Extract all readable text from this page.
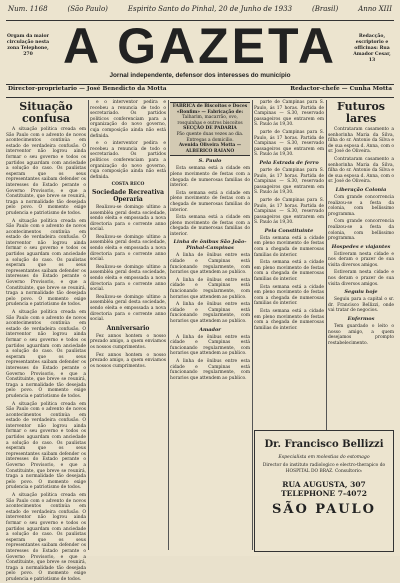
Num. 1168	(São Paulo)	Espirito Santo do Pinhal, 20 de Junho de 1933	(Brasil)	Anno XIII
Orgam da maior circulação nesta zona Telephone, 270
Redacção, escriptorio e officinas: Rua Amador Cesar, 13
A GAZETA
Jornal independente, defensor dos interesses do município
Director-proprietario — José Benedicto da Motta	Redactor-chefe — Cunha Motta
Situação confusa

A situação politica creada em São Paulo com o advento de novos acontecimentos continúa em estado de verdadeira confusão. O interventor não logrou ainda formar o seu governo e todos os partidos aguardam com anciedade a solução do caso. Os paulistas esperam que os seus representantes saibam defender os interesses do Estado perante o Governo Provisorio, e que a Constituinte, que breve se reunirá, traga a normalidade tão desejada pelo povo. O momento exige prudencia e patriotismo de todos.

A situação politica creada em São Paulo com o advento de novos acontecimentos continúa em estado de verdadeira confusão. O interventor não logrou ainda formar o seu governo e todos os partidos aguardam com anciedade a solução do caso. Os paulistas esperam que os seus representantes saibam defender os interesses do Estado perante o Governo Provisorio, e que a Constituinte, que breve se reunirá, traga a normalidade tão desejada pelo povo. O momento exige prudencia e patriotismo de todos.

A situação politica creada em São Paulo com o advento de novos acontecimentos continúa em estado de verdadeira confusão. O interventor não logrou ainda formar o seu governo e todos os partidos aguardam com anciedade a solução do caso. Os paulistas esperam que os seus representantes saibam defender os interesses do Estado perante o Governo Provisorio, e que a Constituinte, que breve se reunirá, traga a normalidade tão desejada pelo povo. O momento exige prudencia e patriotismo de todos.

A situação politica creada em São Paulo com o advento de novos acontecimentos continúa em estado de verdadeira confusão. O interventor não logrou ainda formar o seu governo e todos os partidos aguardam com anciedade a solução do caso. Os paulistas esperam que os seus representantes saibam defender os interesses do Estado perante o Governo Provisorio, e que a Constituinte, que breve se reunirá, traga a normalidade tão desejada pelo povo. O momento exige prudencia e patriotismo de todos.

A situação politica creada em São Paulo com o advento de novos acontecimentos continúa em estado de verdadeira confusão. O interventor não logrou ainda formar o seu governo e todos os partidos aguardam com anciedade a solução do caso. Os paulistas esperam que os seus representantes saibam defender os interesses do Estado perante o Governo Provisorio, e que a Constituinte, que breve se reunirá, traga a normalidade tão desejada pelo povo. O momento exige prudencia e patriotismo de todos.

e o interventor pedira e recebeu a renuncia de todo o secretariado. Os partidos politicos conferenciam para a organização do novo governo, cuja composição ainda não está definida.

e o interventor pedira e recebeu a renuncia de todo o secretariado. Os partidos politicos conferenciam para a organização do novo governo, cuja composição ainda não está definida.

COSTA RECO
Sociedade Recreativa Operaria

Realizou-se domingo ultimo a assembléa geral desta sociedade, sendo eleita e empossada a nova directoria para o corrente anno social.

Realizou-se domingo ultimo a assembléa geral desta sociedade, sendo eleita e empossada a nova directoria para o corrente anno social.

Realizou-se domingo ultimo a assembléa geral desta sociedade, sendo eleita e empossada a nova directoria para o corrente anno social.

Realizou-se domingo ultimo a assembléa geral desta sociedade, sendo eleita e empossada a nova directoria para o corrente anno social.

Anniversario

Fez annos hontem o nosso prezado amigo, a quem enviamos os nossos cumprimentos.

Fez annos hontem o nosso prezado amigo, a quem enviamos os nossos cumprimentos.

FABRICA de Biscoitos e Doces «Bonfim» — Fabricação de:
Talharim, macarrão, ovo, rosquinhas e outros biscoitos
SECÇÃO DE PADARIA
Pão quente duas vezes ao dia. Entregas a domicilio.
Avenida Oliveira Motta — ALBERICO RAIANO
S. Paulo

Esta semana está a cidade em pleno movimento de festas com a chegada de numerosas familias do interior.

Esta semana está a cidade em pleno movimento de festas com a chegada de numerosas familias do interior.

Esta semana está a cidade em pleno movimento de festas com a chegada de numerosas familias do interior.

Linha de ônibus São João-Pinhal-Campinas

A linha de ônibus entre esta cidade e Campinas está funcionando regularmente, com horarios que attendem ao publico.

A linha de ônibus entre esta cidade e Campinas está funcionando regularmente, com horarios que attendem ao publico.

A linha de ônibus entre esta cidade e Campinas está funcionando regularmente, com horarios que attendem ao publico.

Amador

A linha de ônibus entre esta cidade e Campinas está funcionando regularmente, com horarios que attendem ao publico.

A linha de ônibus entre esta cidade e Campinas está funcionando regularmente, com horarios que attendem ao publico.

parte de Campinas para S. Paulo, ás 17 horas. Partida de Campinas — S.30, reservado passageiros que entrarem em S. Paulo ás 19,30.

parte de Campinas para S. Paulo, ás 17 horas. Partida de Campinas — S.30, reservado passageiros que entrarem em S. Paulo ás 19,30.

Pela Estrada de ferro

parte de Campinas para S. Paulo, ás 17 horas. Partida de Campinas — S.30, reservado passageiros que entrarem em S. Paulo ás 19,30.

parte de Campinas para S. Paulo, ás 17 horas. Partida de Campinas — S.30, reservado passageiros que entrarem em S. Paulo ás 19,30.

Pela Constituinte

Esta semana está a cidade em pleno movimento de festas com a chegada de numerosas familias do interior.

Esta semana está a cidade em pleno movimento de festas com a chegada de numerosas familias do interior.

Esta semana está a cidade em pleno movimento de festas com a chegada de numerosas familias do interior.

Esta semana está a cidade em pleno movimento de festas com a chegada de numerosas familias do interior.

Futuros lares

Contrataram casamento a senhorinha Maria da Silva, filha do sr. Antonio da Silva e de sua esposa d. Anna, com o sr. José de Oliveira.

Contrataram casamento a senhorinha Maria da Silva, filha do sr. Antonio da Silva e de sua esposa d. Anna, com o sr. José de Oliveira.

Liberação Colonia

Com grande concorrencia realizou-se a festa da colonia, com bellissimo programma.

Com grande concorrencia realizou-se a festa da colonia, com bellissimo programma.

Hospedes e viajantes

Estiveram nesta cidade e nos deram o prazer de sua visita diversos amigos.

Estiveram nesta cidade e nos deram o prazer de sua visita diversos amigos.

Seguiu hoje

Seguiu para a capital o sr. dr. Francisco Bellizzi, onde vai tratar de negocios.

Enfermos

Tem guardado o leito o nosso amigo, a quem desejamos prompto restabelecimento.

Dr. Francisco Bellizzi
Especialista em molestias do estomago
Director do instituto radiologico e electro-therapico do HOSPITAL DO BRAZ. Consultorio:
RUA AUGUSTA, 307 TELEPHONE 7-4072
SÃO PAULO
